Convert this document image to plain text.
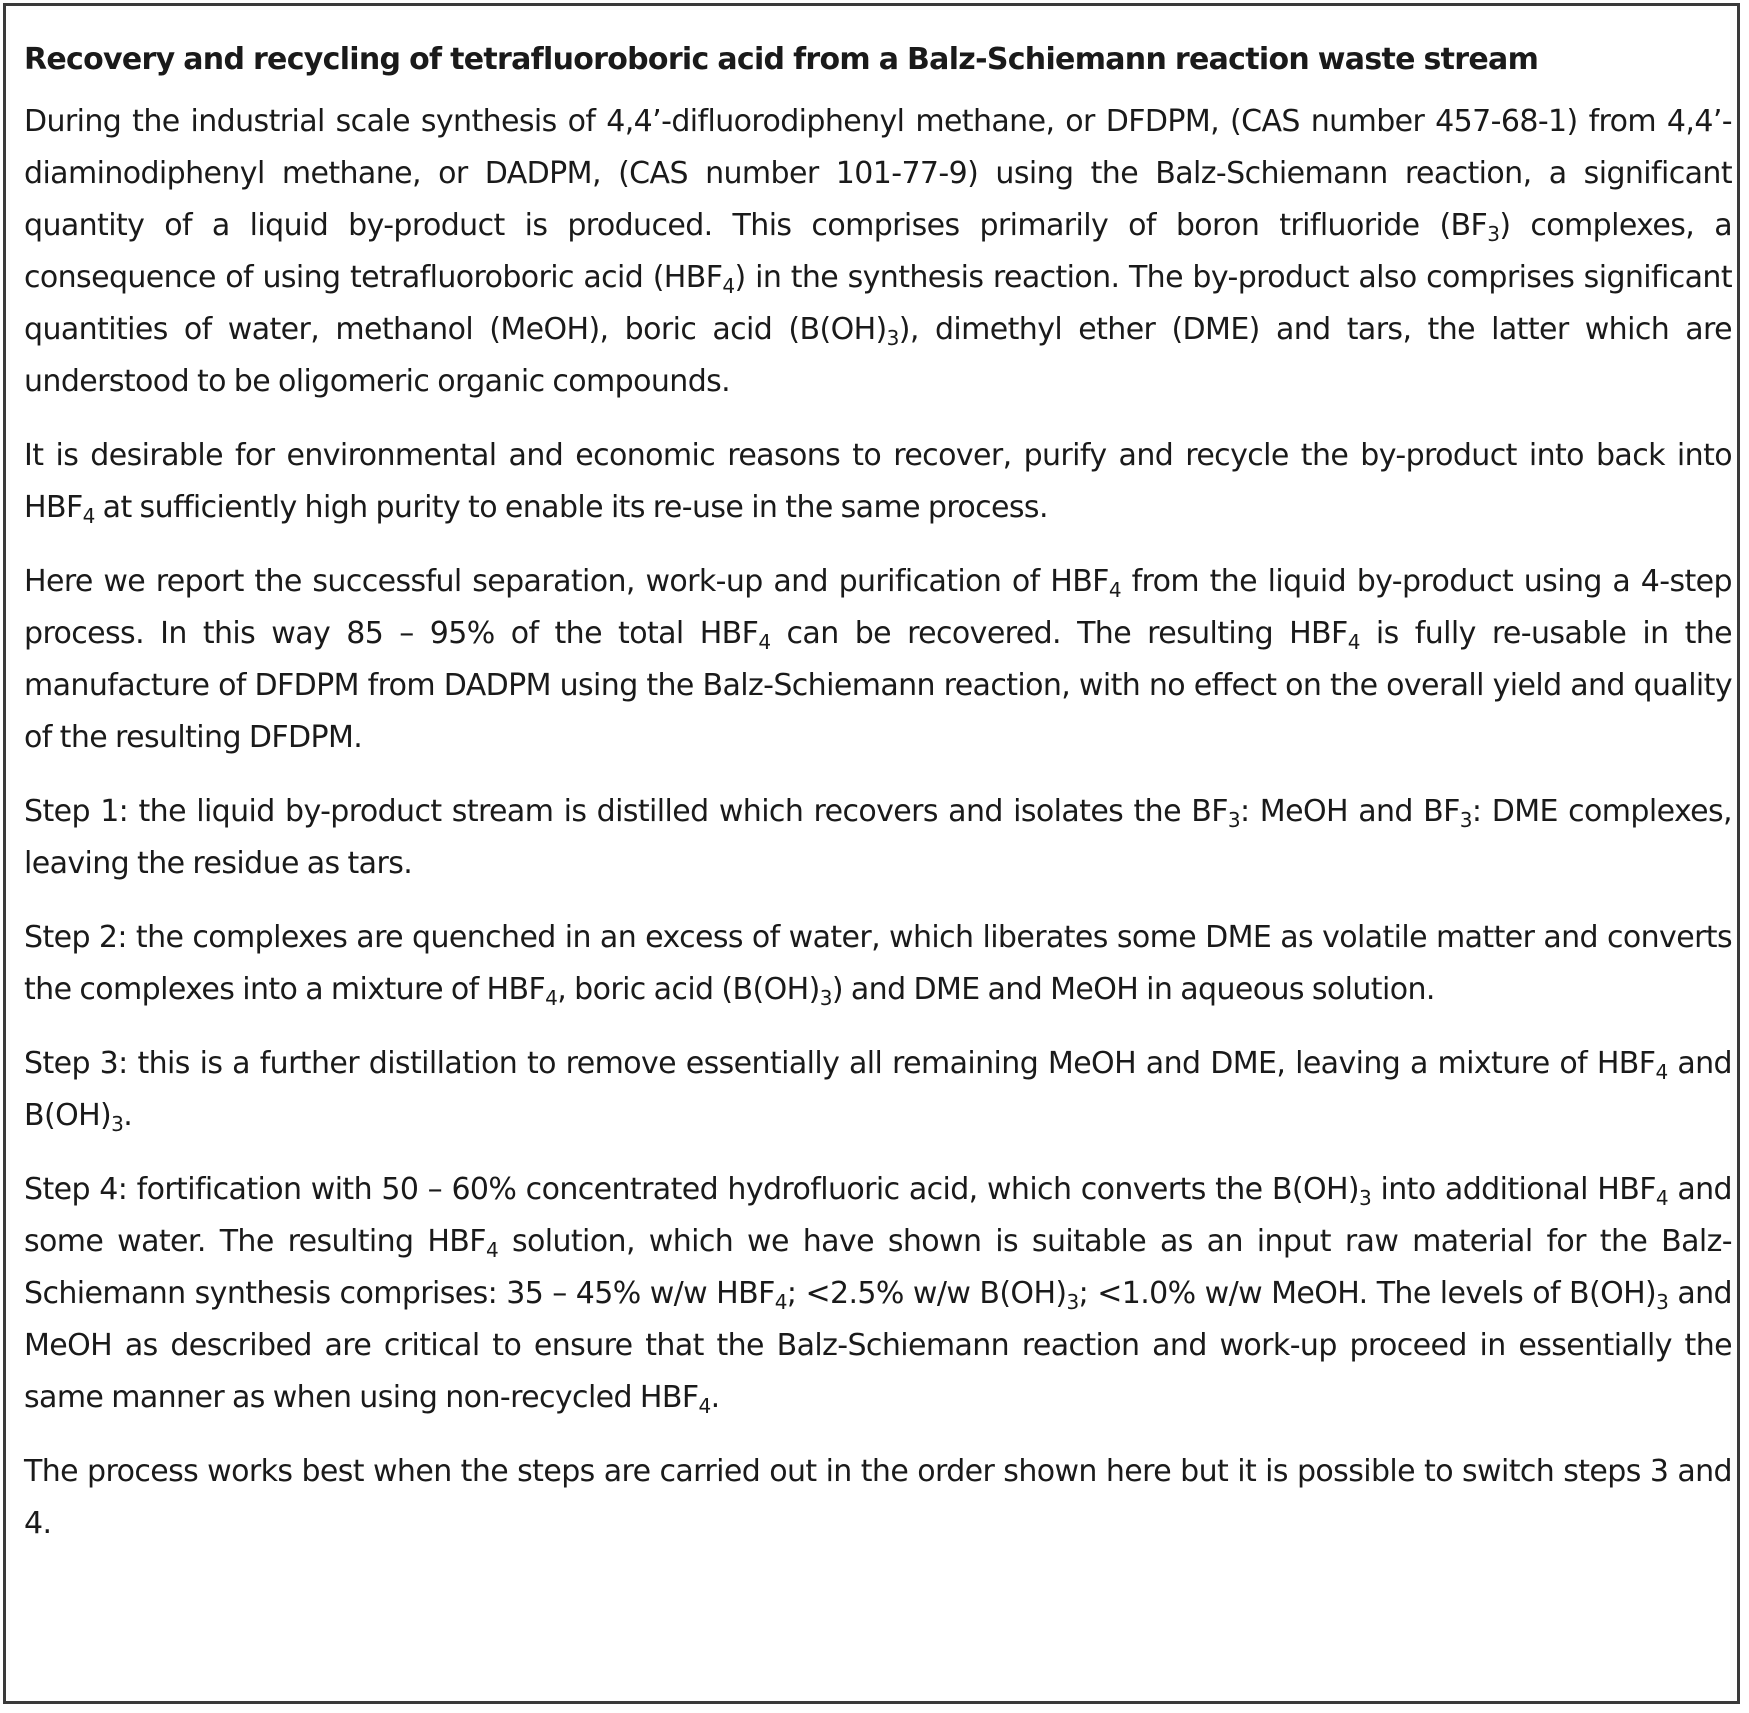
Recovery and recycling of tetrafluoroboric acid from a Balz-Schiemann reaction waste stream
During the industrial scale synthesis of 4,4’-difluorodiphenyl methane, or DFDPM, (CAS number 457-68-1) from 4,4’-diaminodiphenyl methane, or DADPM, (CAS number 101-77-9) using the Balz-Schiemann reaction, a significant quantity of a liquid by-product is produced. This comprises primarily of boron trifluoride $(BF_3)$ complexes, a consequence of using tetrafluoroboric acid $(HBF_4)$ in the synthesis reaction. The by-product also comprises significant quantities of water, methanol (MeOH), boric acid $(B(OH)_3)$, dimethyl ether (DME) and tars, the latter which are understood to be oligomeric organic compounds.
It is desirable for environmental and economic reasons to recover, purify and recycle the by-product into back into $HBF_4$ at sufficiently high purity to enable its re-use in the same process.
Here we report the successful separation, work-up and purification of $HBF_4$ from the liquid by-product using a 4-step process. In this way 85 – 95% of the total $HBF_4$ can be recovered. The resulting $HBF_4$ is fully re-usable in the manufacture of DFDPM from DADPM using the Balz-Schiemann reaction, with no effect on the overall yield and quality of the resulting DFDPM.
Step 1: the liquid by-product stream is distilled which recovers and isolates the $BF_3$: MeOH and $BF_3$: DME complexes, leaving the residue as tars.
Step 2: the complexes are quenched in an excess of water, which liberates some DME as volatile matter and converts the complexes into a mixture of $HBF_4$, boric acid $(B(OH)_3)$ and DME and MeOH in aqueous solution.
Step 3: this is a further distillation to remove essentially all remaining MeOH and DME, leaving a mixture of $HBF_4$ and $B(OH)_3$.
Step 4: fortification with 50 – 60% concentrated hydrofluoric acid, which converts the $B(OH)_3$ into additional $HBF_4$ and some water. The resulting $HBF_4$ solution, which we have shown is suitable as an input raw material for the Balz-Schiemann synthesis comprises: 35 – 45% w/w $HBF_4$; <2.5% w/w $B(OH)_3$; <1.0% w/w MeOH. The levels of $B(OH)_3$ and MeOH as described are critical to ensure that the Balz-Schiemann reaction and work-up proceed in essentially the same manner as when using non-recycled $HBF_4$.
The process works best when the steps are carried out in the order shown here but it is possible to switch steps 3 and 4.
